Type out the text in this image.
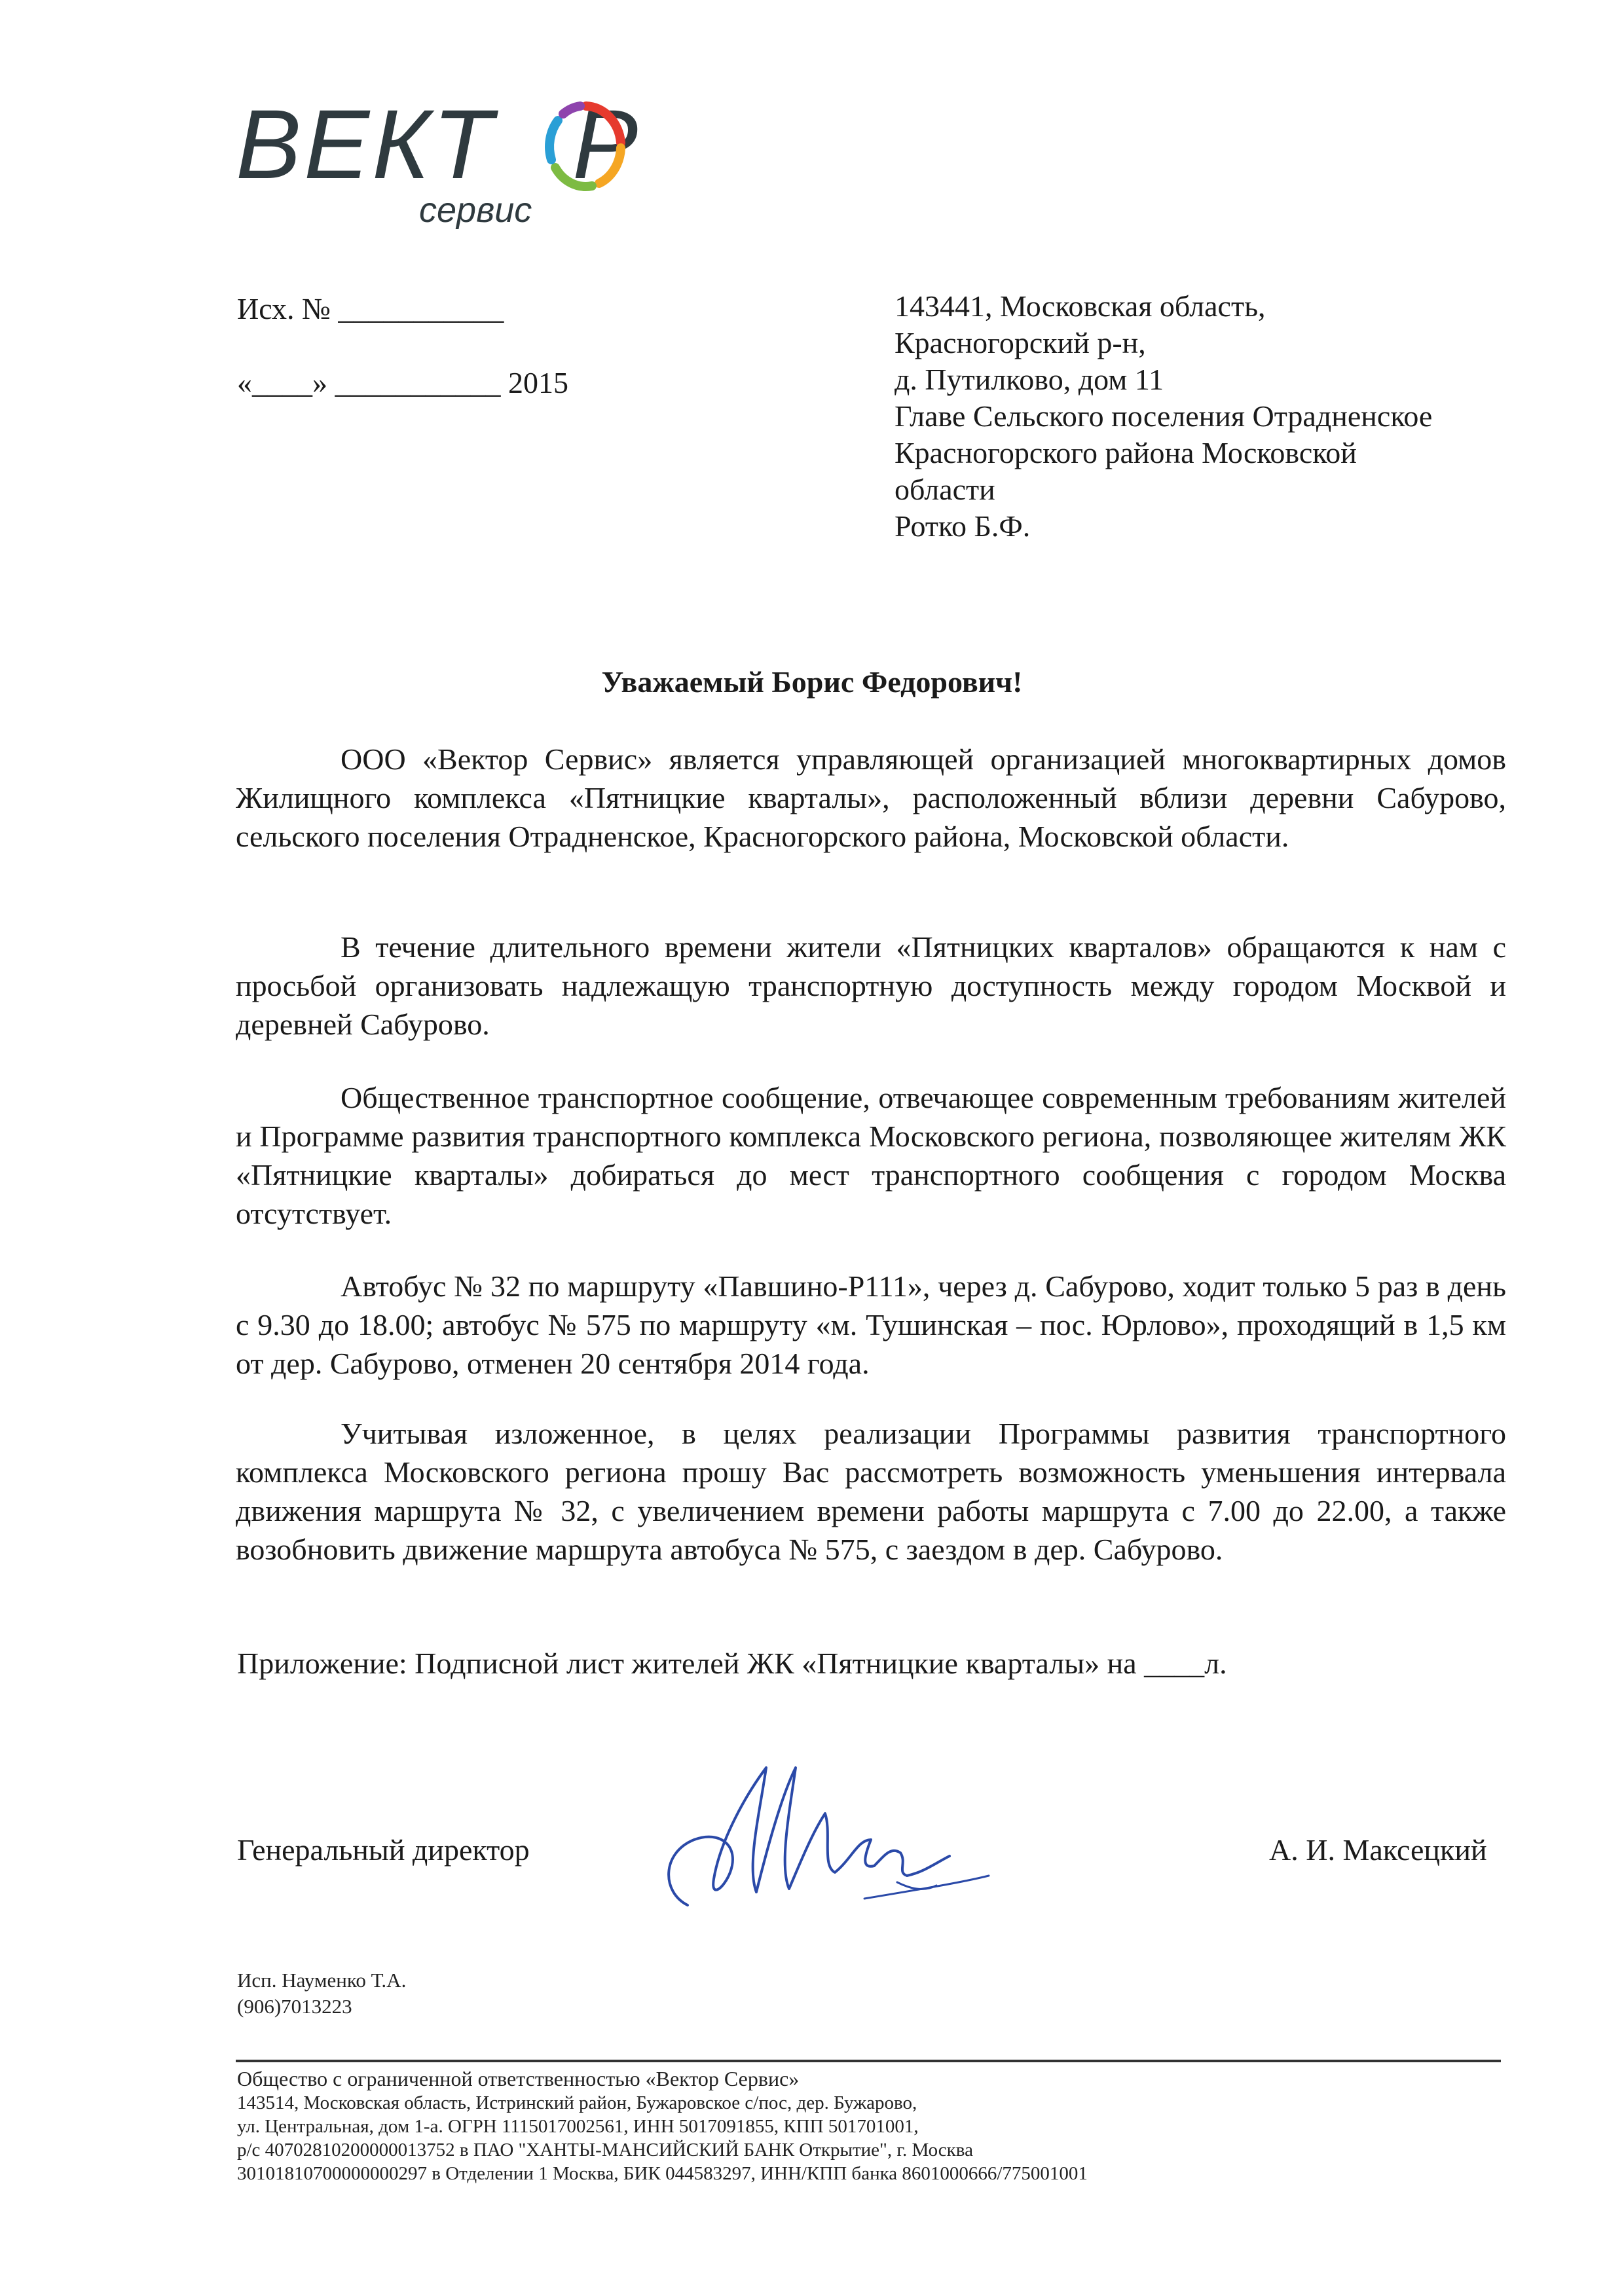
ВЕКТ Р
сервис
Исх. № ___________
«____» ___________ 2015
143441, Московская область,
Красногорский р-н,
д. Путилково, дом 11
Главе Сельского поселения Отрадненское
Красногорского района Московской
области
Ротко Б.Ф.
Уважаемый Борис Федорович!

ООО «Вектор Сервис» является управляющей организацией многоквартирных домов Жилищного комплекса «Пятницкие кварталы», расположенный вблизи деревни Сабурово, сельского поселения Отрадненское, Красногорского района, Московской области.

В течение длительного времени жители «Пятницких кварталов» обращаются к нам с просьбой организовать надлежащую транспортную доступность между городом Москвой и деревней Сабурово.

Общественное транспортное сообщение, отвечающее современным требованиям жителей и Программе развития транспортного комплекса Московского региона, позволяющее жителям ЖК «Пятницкие кварталы» добираться до мест транспортного сообщения с городом Москва отсутствует.

Автобус № 32 по маршруту «Павшино-Р111», через д. Сабурово, ходит только 5 раз в день с 9.30 до 18.00; автобус № 575 по маршруту «м. Тушинская – пос. Юрлово», проходящий в 1,5 км от дер. Сабурово, отменен 20 сентября 2014 года.

Учитывая изложенное, в целях реализации Программы развития транспортного комплекса Московского региона прошу Вас рассмотреть возможность уменьшения интервала движения маршрута № 32, с увеличением времени работы маршрута с 7.00 до 22.00, а также возобновить движение маршрута автобуса № 575, с заездом в дер. Сабурово.

Приложение: Подписной лист жителей ЖК «Пятницкие кварталы» на ____л.
Генеральный директор	А. И. Максецкий
Исп. Науменко Т.А.
(906)7013223
Общество с ограниченной ответственностью «Вектор Сервис»
143514, Московская область, Истринский район, Бужаровское с/пос, дер. Бужарово,
ул. Центральная, дом 1-а. ОГРН 1115017002561, ИНН 5017091855, КПП 501701001,
р/с 40702810200000013752 в ПАО "ХАНТЫ-МАНСИЙСКИЙ БАНК Открытие", г. Москва
30101810700000000297 в Отделении 1 Москва, БИК 044583297, ИНН/КПП банка 8601000666/775001001
